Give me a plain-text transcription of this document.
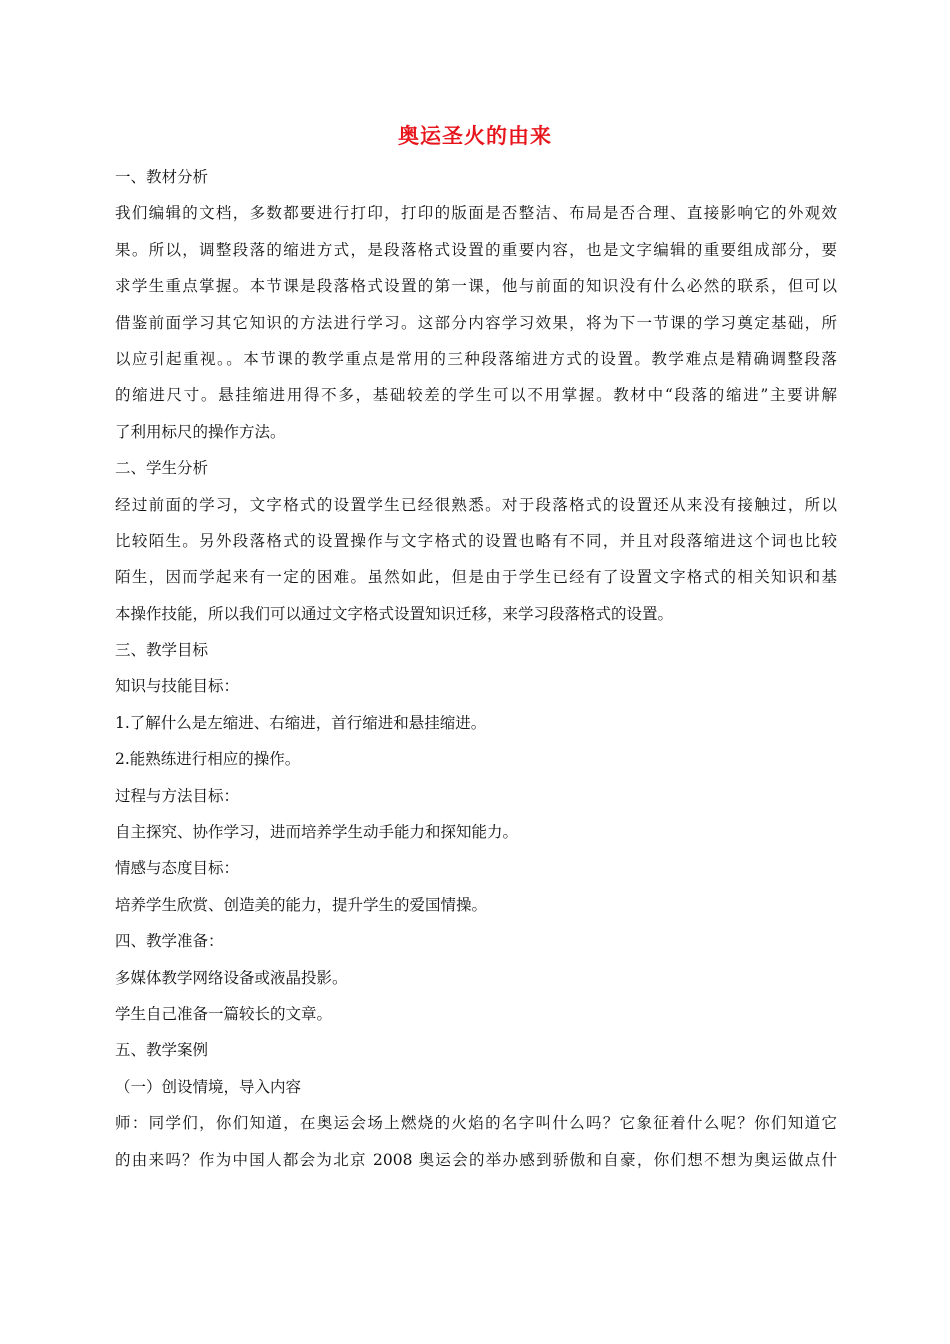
奥运圣火的由来
一、教材分析
我们编辑的文档，多数都要进行打印，打印的版面是否整洁、布局是否合理、直接影响它的外观效
果。所以，调整段落的缩进方式，是段落格式设置的重要内容，也是文字编辑的重要组成部分，要
求学生重点掌握。本节课是段落格式设置的第一课，他与前面的知识没有什么必然的联系，但可以
借鉴前面学习其它知识的方法进行学习。这部分内容学习效果，将为下一节课的学习奠定基础，所
以应引起重视。。本节课的教学重点是常用的三种段落缩进方式的设置。教学难点是精确调整段落
的缩进尺寸。悬挂缩进用得不多，基础较差的学生可以不用掌握。教材中“段落的缩进”主要讲解
了利用标尺的操作方法。
二、学生分析
经过前面的学习，文字格式的设置学生已经很熟悉。对于段落格式的设置还从来没有接触过，所以
比较陌生。另外段落格式的设置操作与文字格式的设置也略有不同，并且对段落缩进这个词也比较
陌生，因而学起来有一定的困难。虽然如此，但是由于学生已经有了设置文字格式的相关知识和基
本操作技能，所以我们可以通过文字格式设置知识迁移，来学习段落格式的设置。
三、教学目标
知识与技能目标：
1.了解什么是左缩进、右缩进，首行缩进和悬挂缩进。
2.能熟练进行相应的操作。
过程与方法目标：
自主探究、协作学习，进而培养学生动手能力和探知能力。
情感与态度目标：
培养学生欣赏、创造美的能力，提升学生的爱国情操。
四、教学准备：
多媒体教学网络设备或液晶投影。
学生自己准备一篇较长的文章。
五、教学案例
（一）创设情境，导入内容
师：同学们，你们知道，在奥运会场上燃烧的火焰的名字叫什么吗？它象征着什么呢？你们知道它
的由来吗？作为中国人都会为北京 2008 奥运会的举办感到骄傲和自豪，你们想不想为奥运做点什
